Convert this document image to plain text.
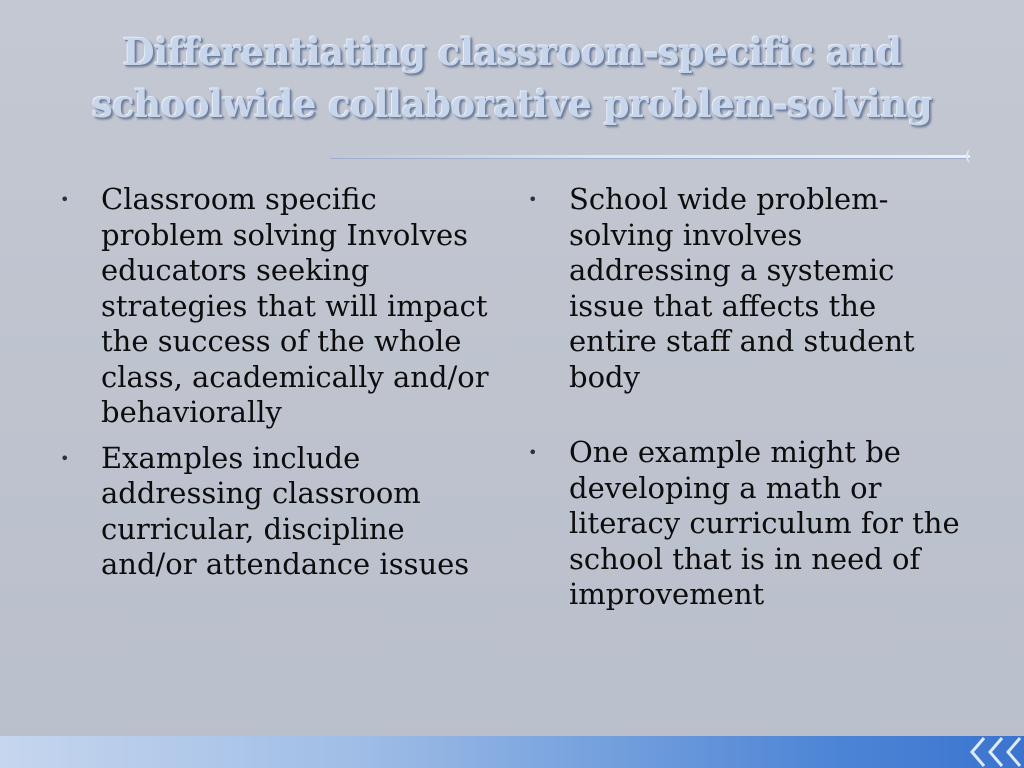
Differentiating classroom-specific and
schoolwide collaborative problem-solving
• Classroom specific problem solving Involves educators seeking strategies that will impact the success of the whole class, academically and/or behaviorally
• Examples include addressing classroom curricular, discipline and/or attendance issues
• School wide problem-solving involves addressing a systemic issue that affects the entire staff and student body
• One example might be developing a math or literacy curriculum for the school that is in need of improvement
